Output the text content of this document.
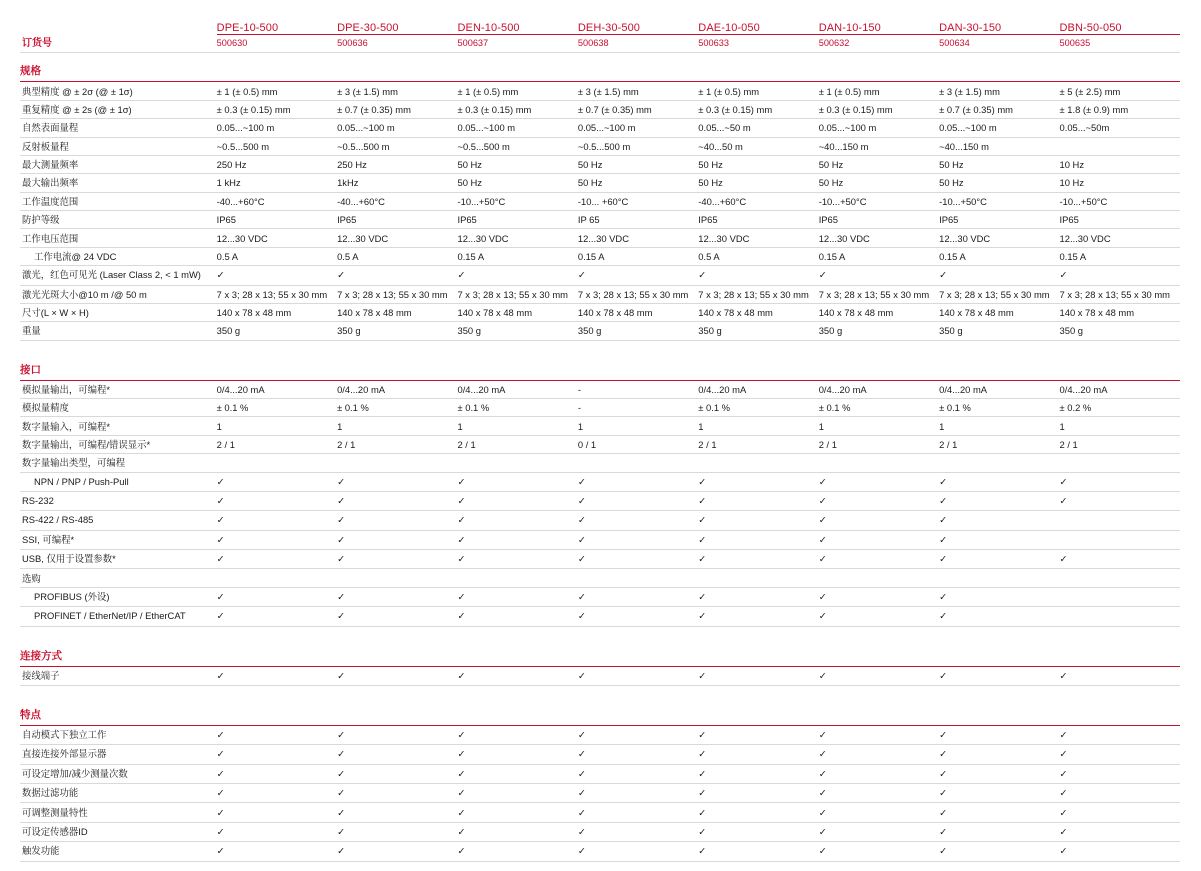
	DPE-10-500	DPE-30-500	DEN-10-500	DEH-30-500	DAE-10-050	DAN-10-150	DAN-30-150	DBN-50-050
订货号	500630	500636	500637	500638	500633	500632	500634	500635
规格								
典型精度 @ ± 2σ (@ ± 1σ)	± 1 (± 0.5) mm	± 3 (± 1.5) mm	± 1 (± 0.5) mm	± 3 (± 1.5) mm	± 1 (± 0.5) mm	± 1 (± 0.5) mm	± 3 (± 1.5) mm	± 5 (± 2.5) mm
重复精度 @ ± 2s (@ ± 1σ)	± 0.3 (± 0.15) mm	± 0.7 (± 0.35) mm	± 0.3 (± 0.15) mm	± 0.7 (± 0.35) mm	± 0.3 (± 0.15) mm	± 0.3 (± 0.15) mm	± 0.7 (± 0.35) mm	± 1.8 (± 0.9) mm
自然表面量程	0.05...~100 m	0.05...~100 m	0.05...~100 m	0.05...~100 m	0.05...~50 m	0.05...~100 m	0.05...~100 m	0.05...~50m
反射板量程	~0.5...500 m	~0.5...500 m	~0.5...500 m	~0.5...500 m	~40...50 m	~40...150 m	~40...150 m	
最大测量频率	250 Hz	250 Hz	50 Hz	50 Hz	50 Hz	50 Hz	50 Hz	10 Hz
最大输出频率	1 kHz	1kHz	50 Hz	50 Hz	50 Hz	50 Hz	50 Hz	10 Hz
工作温度范围	-40...+60°C	-40...+60°C	-10...+50°C	-10... +60°C	-40...+60°C	-10...+50°C	-10...+50°C	-10...+50°C
防护等级	IP65	IP65	IP65	IP 65	IP65	IP65	IP65	IP65
工作电压范围	12...30 VDC	12...30 VDC	12...30 VDC	12...30 VDC	12...30 VDC	12...30 VDC	12...30 VDC	12...30 VDC
工作电流@ 24 VDC	0.5 A	0.5 A	0.15 A	0.15 A	0.5 A	0.15 A	0.15 A	0.15 A
激光，红色可见光 (Laser Class 2, < 1 mW)	✓	✓	✓	✓	✓	✓	✓	✓
激光光斑大小@10 m /@ 50 m	7 x 3; 28 x 13; 55 x 30 mm	7 x 3; 28 x 13; 55 x 30 mm	7 x 3; 28 x 13; 55 x 30 mm	7 x 3; 28 x 13; 55 x 30 mm	7 x 3; 28 x 13; 55 x 30 mm	7 x 3; 28 x 13; 55 x 30 mm	7 x 3; 28 x 13; 55 x 30 mm	7 x 3; 28 x 13; 55 x 30 mm
尺寸(L × W × H)	140 x 78 x 48 mm	140 x 78 x 48 mm	140 x 78 x 48 mm	140 x 78 x 48 mm	140 x 78 x 48 mm	140 x 78 x 48 mm	140 x 78 x 48 mm	140 x 78 x 48 mm
重量	350 g	350 g	350 g	350 g	350 g	350 g	350 g	350 g

接口								
模拟量输出，可编程*	0/4...20 mA	0/4...20 mA	0/4...20 mA	-	0/4...20 mA	0/4...20 mA	0/4...20 mA	0/4...20 mA
模拟量精度	± 0.1 %	± 0.1 %	± 0.1 %	-	± 0.1 %	± 0.1 %	± 0.1 %	± 0.2 %
数字量输入，可编程*	1	1	1	1	1	1	1	1
数字量输出，可编程/错误显示*	2 / 1	2 / 1	2 / 1	0 / 1	2 / 1	2 / 1	2 / 1	2 / 1
数字量输出类型，可编程								
NPN / PNP / Push-Pull	✓	✓	✓	✓	✓	✓	✓	✓
RS-232	✓	✓	✓	✓	✓	✓	✓	✓
RS-422 / RS-485	✓	✓	✓	✓	✓	✓	✓	
SSI, 可编程*	✓	✓	✓	✓	✓	✓	✓	
USB, 仅用于设置参数*	✓	✓	✓	✓	✓	✓	✓	✓
选购								
PROFIBUS (外设)	✓	✓	✓	✓	✓	✓	✓	
PROFINET / EtherNet/IP / EtherCAT	✓	✓	✓	✓	✓	✓	✓	

连接方式								
接线端子	✓	✓	✓	✓	✓	✓	✓	✓

特点								
自动模式下独立工作	✓	✓	✓	✓	✓	✓	✓	✓
直接连接外部显示器	✓	✓	✓	✓	✓	✓	✓	✓
可设定增加/减少测量次数	✓	✓	✓	✓	✓	✓	✓	✓
数据过滤功能	✓	✓	✓	✓	✓	✓	✓	✓
可调整测量特性	✓	✓	✓	✓	✓	✓	✓	✓
可设定传感器ID	✓	✓	✓	✓	✓	✓	✓	✓
触发功能	✓	✓	✓	✓	✓	✓	✓	✓
